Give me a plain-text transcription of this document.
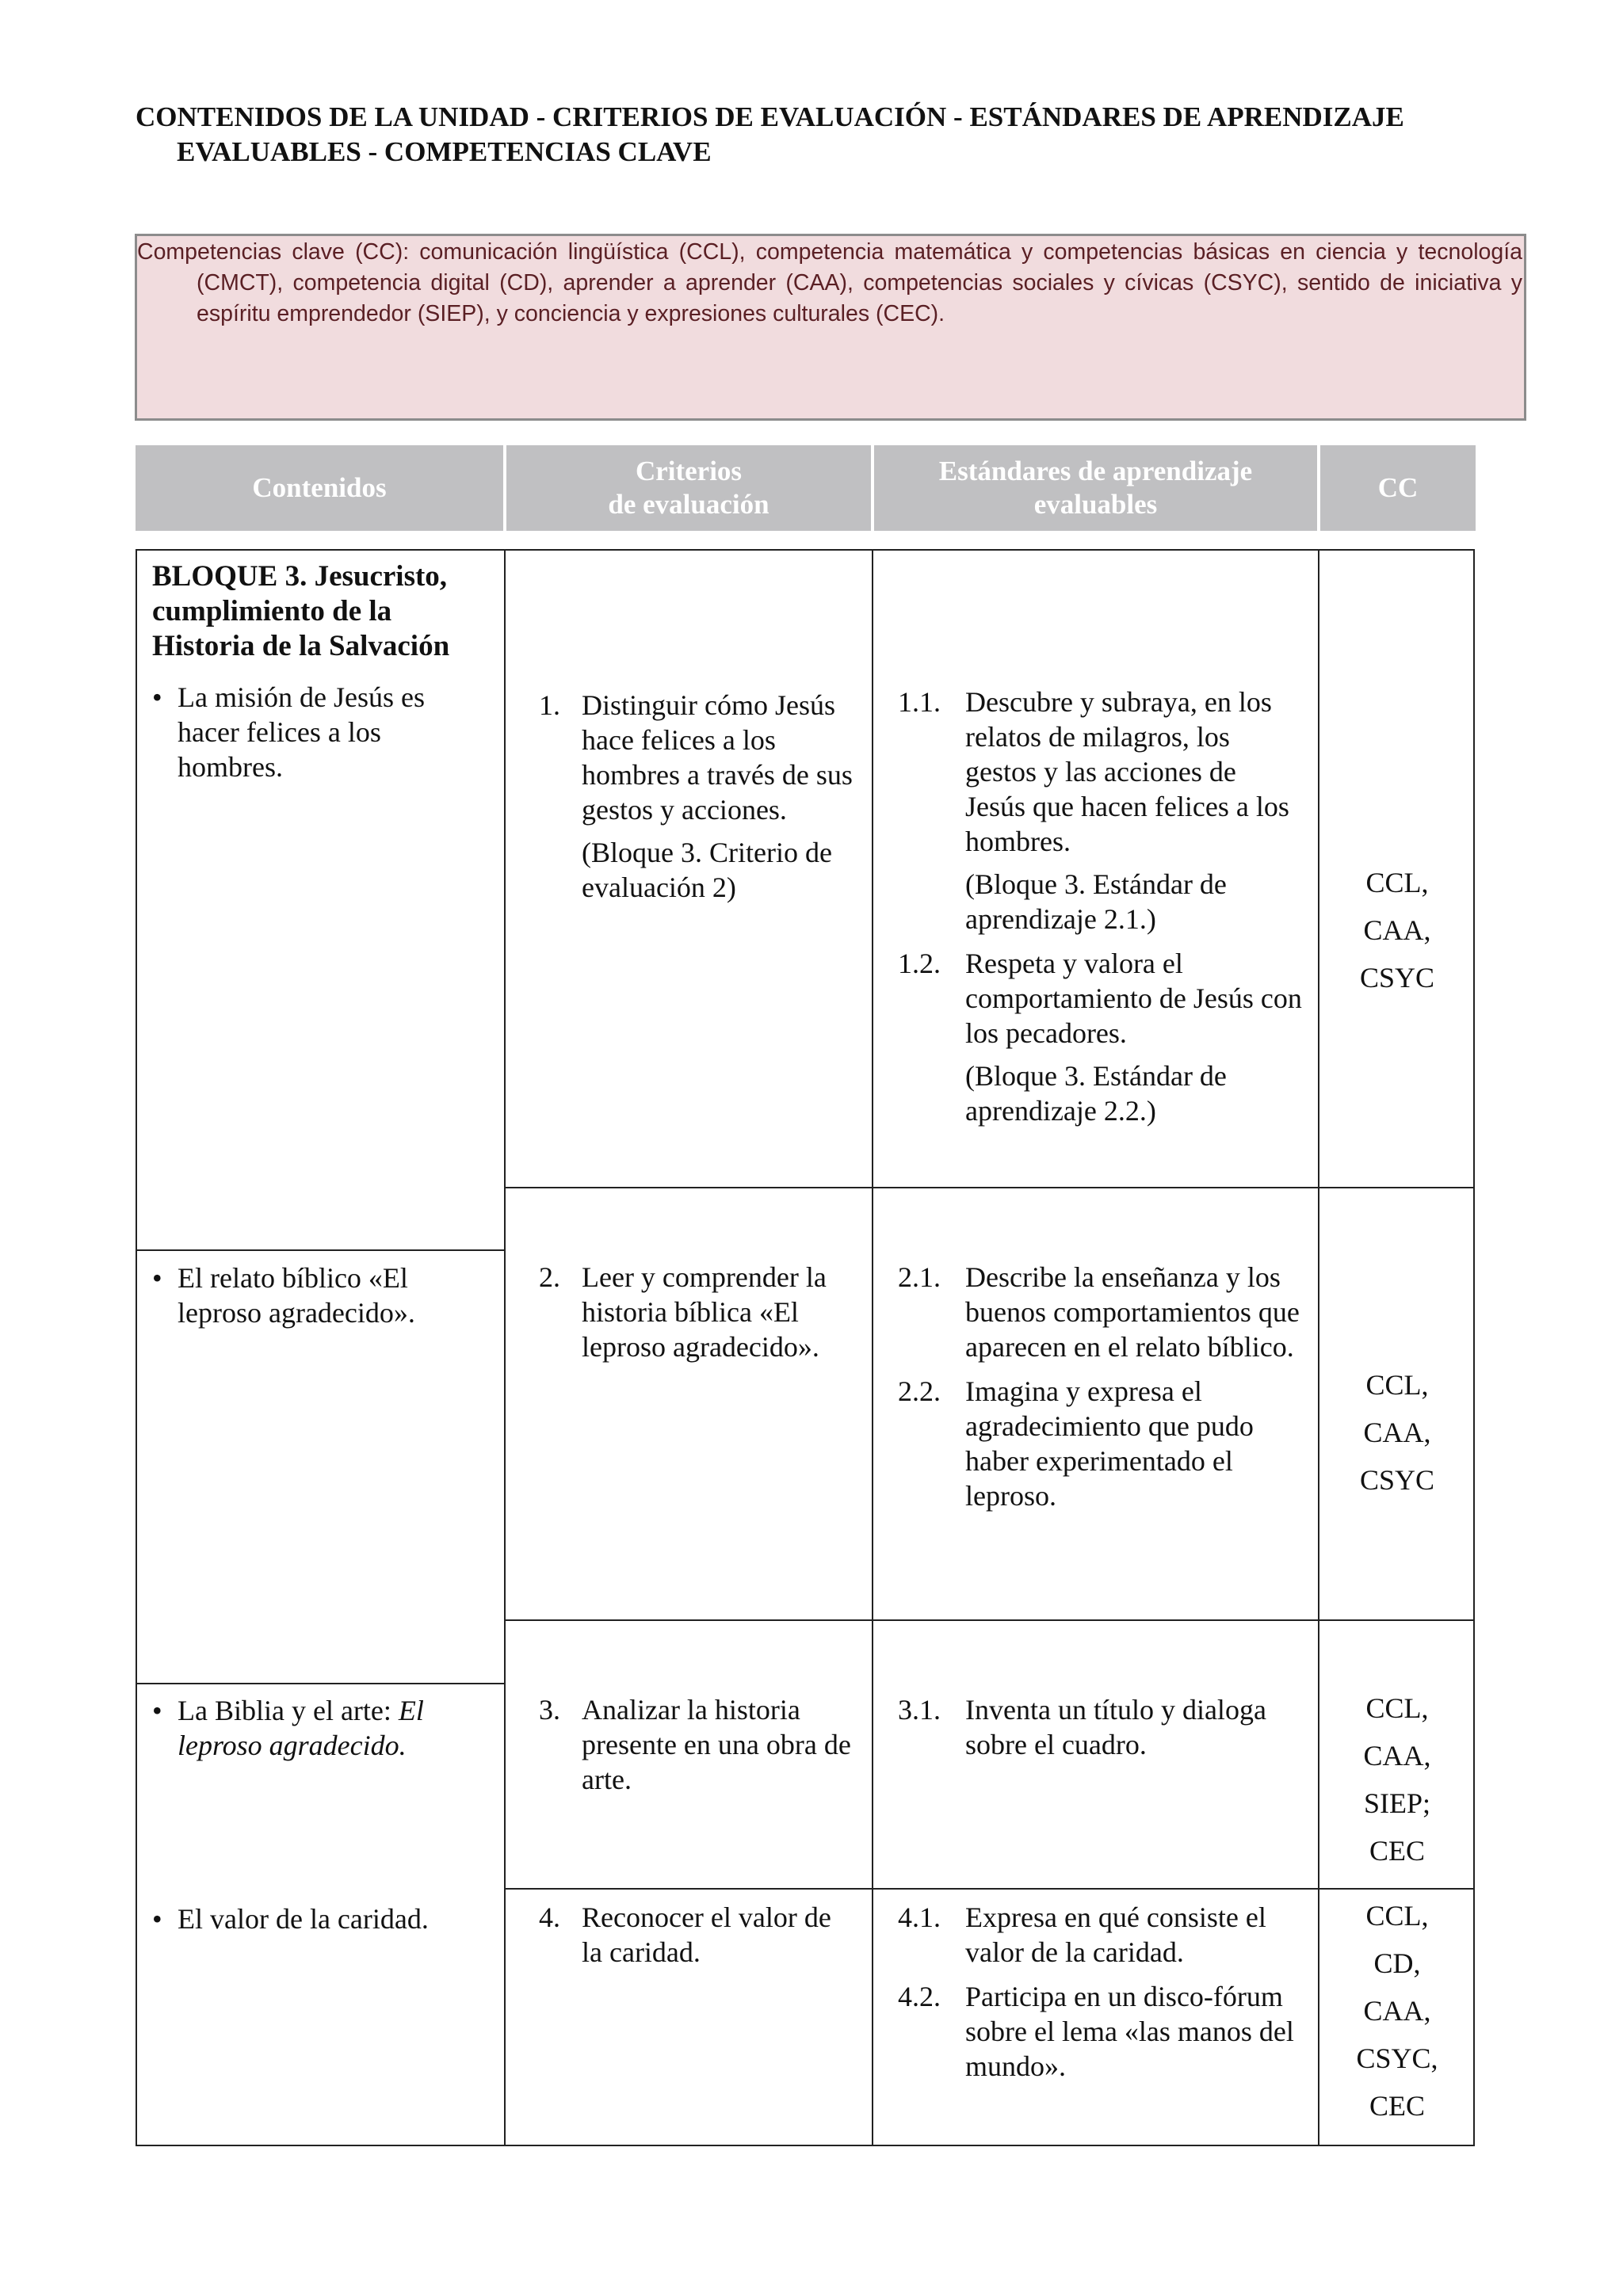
CONTENIDOS DE LA UNIDAD - CRITERIOS DE EVALUACIÓN - ESTÁNDARES DE APRENDIZAJE
EVALUABLES - COMPETENCIAS CLAVE

Competencias clave (CC): comunicación lingüística (CCL), competencia matemática y competencias básicas en ciencia y tecnología (CMCT), competencia digital (CD), aprender a aprender (CAA), competencias sociales y cívicas (CSYC), sentido de iniciativa y espíritu emprendedor (SIEP), y conciencia y expresiones culturales (CEC).

Contenidos
Criterios
de evaluación
Estándares de aprendizaje
evaluables
CC
BLOQUE 3. Jesucristo, cumplimiento de la Historia de la Salvación
• La misión de Jesús es hacer felices a los hombres.
• El relato bíblico «El leproso agradecido».
• La Biblia y el arte: El leproso agradecido.
• El valor de la caridad.
1. Distinguir cómo Jesús hace felices a los hombres a través de sus gestos y acciones.
(Bloque 3. Criterio de evaluación 2)
1.1. Descubre y subraya, en los relatos de milagros, los gestos y las acciones de Jesús que hacen felices a los hombres.
(Bloque 3. Estándar de aprendizaje 2.1.)
1.2. Respeta y valora el comportamiento de Jesús con los pecadores.
(Bloque 3. Estándar de aprendizaje 2.2.)
CCL,
CAA,
CSYC
2. Leer y comprender la historia bíblica «El leproso agradecido».
2.1. Describe la enseñanza y los buenos comportamientos que aparecen en el relato bíblico.
2.2. Imagina y expresa el agradecimiento que pudo haber experimentado el leproso.
CCL,
CAA,
CSYC
3. Analizar la historia presente en una obra de arte.
3.1. Inventa un título y dialoga sobre el cuadro.
CCL,
CAA,
SIEP;
CEC
4. Reconocer el valor de la caridad.
4.1. Expresa en qué consiste el valor de la caridad.
4.2. Participa en un disco-fórum sobre el lema «las manos del mundo».
CCL,
CD,
CAA,
CSYC,
CEC
